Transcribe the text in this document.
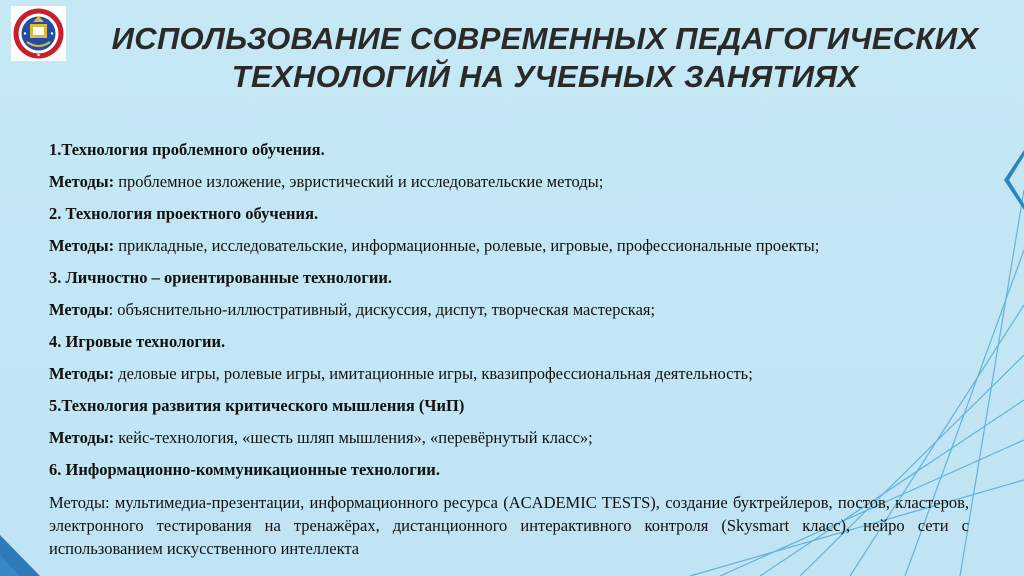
ИСПОЛЬЗОВАНИЕ СОВРЕМЕННЫХ ПЕДАГОГИЧЕСКИХ
ТЕХНОЛОГИЙ НА УЧЕБНЫХ ЗАНЯТИЯХ

1.Технология проблемного обучения.

Методы: проблемное изложение, эвристический и исследовательские методы;

2. Технология проектного обучения.

Методы: прикладные, исследовательские, информационные, ролевые, игровые, профессиональные проекты;

3. Личностно – ориентированные технологии.

Методы: объяснительно-иллюстративный, дискуссия, диспут, творческая мастерская;

4. Игровые технологии.

Методы: деловые игры, ролевые игры, имитационные игры, квазипрофессиональная деятельность;

5.Технология развития критического мышления (ЧиП)

Методы: кейс-технология, «шесть шляп мышления», «перевёрнутый класс»;

6. Информационно-коммуникационные технологии.

Методы: мультимедиа-презентации, информационного ресурса (ACADEMIC TESTS), создание буктрейлеров, постов, кластеров, электронного тестирования на тренажёрах, дистанционного интерактивного контроля (Skysmart класс), нейро сети с использованием искусственного интеллекта
